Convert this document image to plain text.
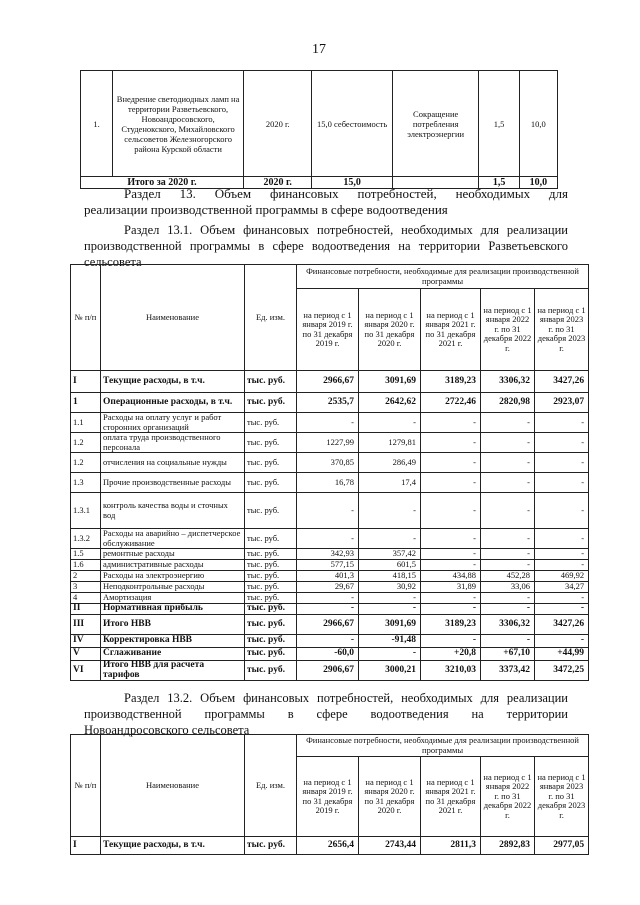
17
1.	Внедрение светодиодных ламп на территории Разветьевского, Новоандросовского, Студенокского, Михайловского сельсоветов Железногорского района Курской области	2020 г.	15,0 себестоимость	Сокращение потребления электроэнергии	1,5	10,0
Итого за 2020 г.		2020 г.	15,0		1,5	10,0
Раздел 13. Объем финансовых потребностей, необходимых для
реализации производственной программы в сфере водоотведения
Раздел 13.1. Объем финансовых потребностей, необходимых для реализации
производственной программы в сфере водоотведения на территории Разветьевского
сельсовета
№ п/п	Наименование	Ед. изм.	Финансовые потребности, необходимые для реализации производственной программы				
			на период с 1 января 2019 г. по 31 декабря 2019 г.	на период с 1 января 2020 г. по 31 декабря 2020 г.	на период с 1 января 2021 г. по 31 декабря 2021 г.	на период с 1 января 2022 г. по 31 декабря 2022 г.	на период с 1 января 2023 г. по 31 декабря 2023 г.
I	Текущие расходы, в т.ч.	тыс. руб.	2966,67	3091,69	3189,23	3306,32	3427,26
1	Операционные расходы, в т.ч.	тыс. руб.	2535,7	2642,62	2722,46	2820,98	2923,07
1.1	Расходы на оплату услуг и работ сторонних организаций	тыс. руб.	-	-	-	-	-
1.2	оплата труда производственного персонала	тыс. руб.	1227,99	1279,81	-	-	-
1.2	отчисления на социальные нужды	тыс. руб.	370,85	286,49	-	-	-
1.3	Прочие производственные расходы	тыс. руб.	16,78	17,4	-	-	-
1.3.1	контроль качества воды и сточных вод	тыс. руб.	-	-	-	-	-
1.3.2	Расходы на аварийно – диспетчерское обслуживание	тыс. руб.	-	-	-	-	-
1.5	ремонтные расходы	тыс. руб.	342,93	357,42	-	-	-
1.6	административные расходы	тыс. руб.	577,15	601,5	-	-	-
2	Расходы на электроэнергию	тыс. руб.	401,3	418,15	434,88	452,28	469,92
3	Неподконтрольные расходы	тыс. руб.	29,67	30,92	31,89	33,06	34,27
4	Амортизация	тыс. руб.	-	-	-	-	-
II	Нормативная прибыль	тыс. руб.	-	-	-	-	-
III	Итого НВВ	тыс. руб.	2966,67	3091,69	3189,23	3306,32	3427,26
IV	Корректировка НВВ	тыс. руб.	-	-91,48	-	-	-
V	Сглаживание	тыс. руб.	-60,0	-	+20,8	+67,10	+44,99
VI	Итого НВВ для расчета тарифов	тыс. руб.	2906,67	3000,21	3210,03	3373,42	3472,25
Раздел 13.2. Объем финансовых потребностей, необходимых для реализации
производственной программы в сфере водоотведения на территории
Новоандросовского сельсовета
№ п/п	Наименование	Ед. изм.	Финансовые потребности, необходимые для реализации производственной программы				
			на период с 1 января 2019 г. по 31 декабря 2019 г.	на период с 1 января 2020 г. по 31 декабря 2020 г.	на период с 1 января 2021 г. по 31 декабря 2021 г.	на период с 1 января 2022 г. по 31 декабря 2022 г.	на период с 1 января 2023 г. по 31 декабря 2023 г.
I	Текущие расходы, в т.ч.	тыс. руб.	2656,4	2743,44	2811,3	2892,83	2977,05
